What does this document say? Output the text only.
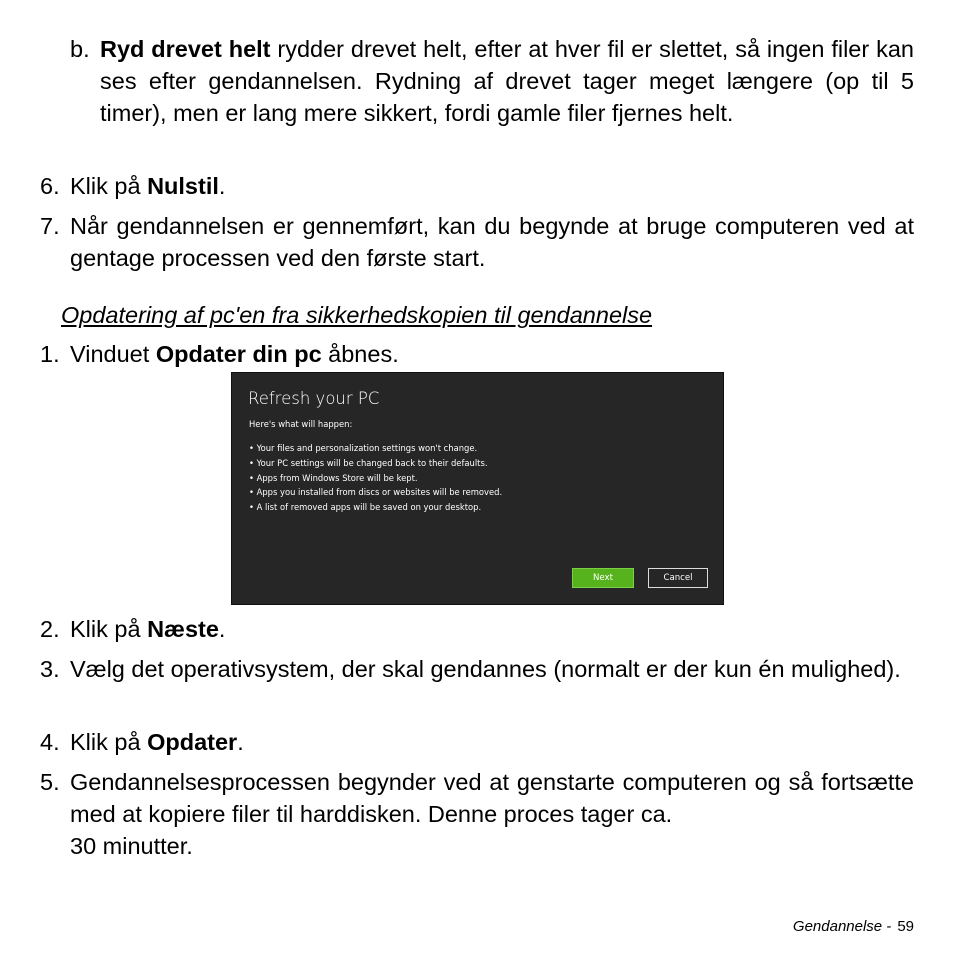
b. Ryd drevet helt rydder drevet helt, efter at hver fil er slettet, så ingen filer kan ses efter gendannelsen. Rydning af drevet tager meget længere (op til 5 timer), men er lang mere sikkert, fordi gamle filer fjernes helt.
6. Klik på Nulstil.
7. Når gendannelsen er gennemført, kan du begynde at bruge computeren ved at gentage processen ved den første start.
Opdatering af pc'en fra sikkerhedskopien til gendannelse
1. Vinduet Opdater din pc åbnes.
Refresh your PC
Here's what will happen:
• Your files and personalization settings won't change.
• Your PC settings will be changed back to their defaults.
• Apps from Windows Store will be kept.
• Apps you installed from discs or websites will be removed.
• A list of removed apps will be saved on your desktop.
Next	Cancel
2. Klik på Næste.
3. Vælg det operativsystem, der skal gendannes (normalt er der kun én mulighed).
4. Klik på Opdater.
5. Gendannelsesprocessen begynder ved at genstarte computeren og så fortsætte med at kopiere filer til harddisken. Denne proces tager ca.
30 minutter.
Gendannelse - 59
